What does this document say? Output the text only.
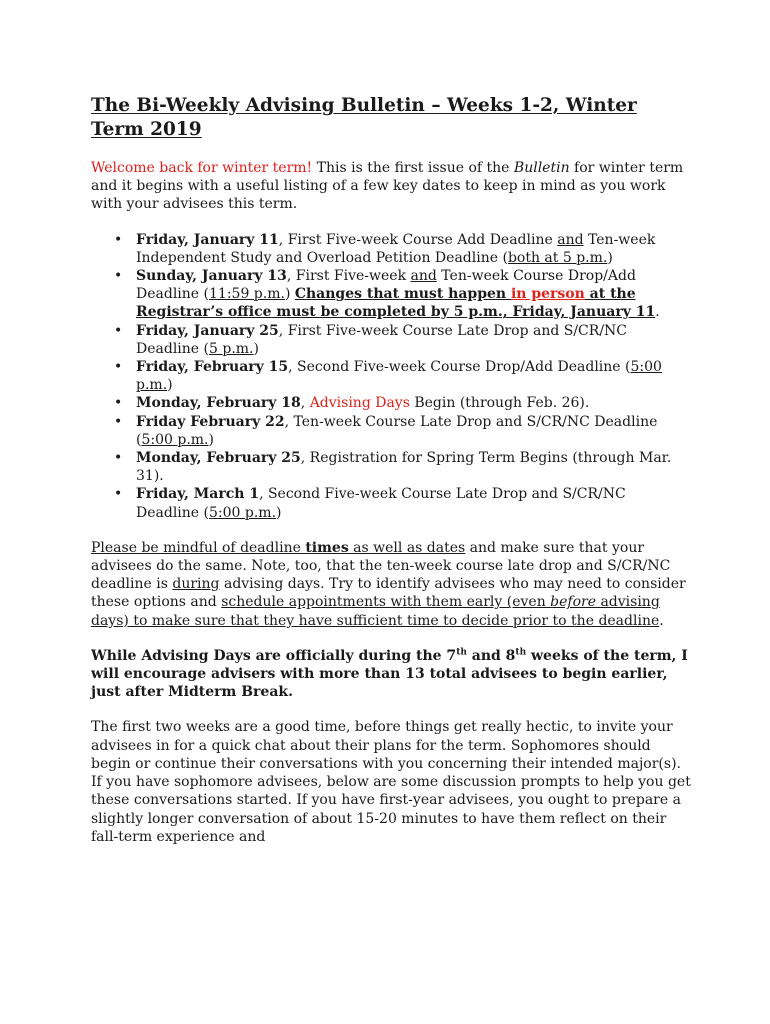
The Bi-Weekly Advising Bulletin – Weeks 1-2, Winter Term 2019

Welcome back for winter term! This is the first issue of the Bulletin for winter term and it begins with a useful listing of a few key dates to keep in mind as you work with your advisees this term.

• Friday, January 11, First Five-week Course Add Deadline and Ten-week Independent Study and Overload Petition Deadline (both at 5 p.m.)
• Sunday, January 13, First Five-week and Ten-week Course Drop/Add Deadline (11:59 p.m.) Changes that must happen in person at the Registrar’s office must be completed by 5 p.m., Friday, January 11.
• Friday, January 25, First Five-week Course Late Drop and S/CR/NC Deadline (5 p.m.)
• Friday, February 15, Second Five-week Course Drop/Add Deadline (5:00 p.m.)
• Monday, February 18, Advising Days Begin (through Feb. 26).
• Friday February 22, Ten-week Course Late Drop and S/CR/NC Deadline (5:00 p.m.)
• Monday, February 25, Registration for Spring Term Begins (through Mar. 31).
• Friday, March 1, Second Five-week Course Late Drop and S/CR/NC Deadline (5:00 p.m.)

Please be mindful of deadline times as well as dates and make sure that your advisees do the same. Note, too, that the ten-week course late drop and S/CR/NC deadline is during advising days. Try to identify advisees who may need to consider these options and schedule appointments with them early (even before advising days) to make sure that they have sufficient time to decide prior to the deadline.

While Advising Days are officially during the 7th and 8th weeks of the term, I will encourage advisers with more than 13 total advisees to begin earlier, just after Midterm Break.

The first two weeks are a good time, before things get really hectic, to invite your advisees in for a quick chat about their plans for the term. Sophomores should begin or continue their conversations with you concerning their intended major(s). If you have sophomore advisees, below are some discussion prompts to help you get these conversations started. If you have first-year advisees, you ought to prepare a slightly longer conversation of about 15-20 minutes to have them reflect on their fall-term experience and
